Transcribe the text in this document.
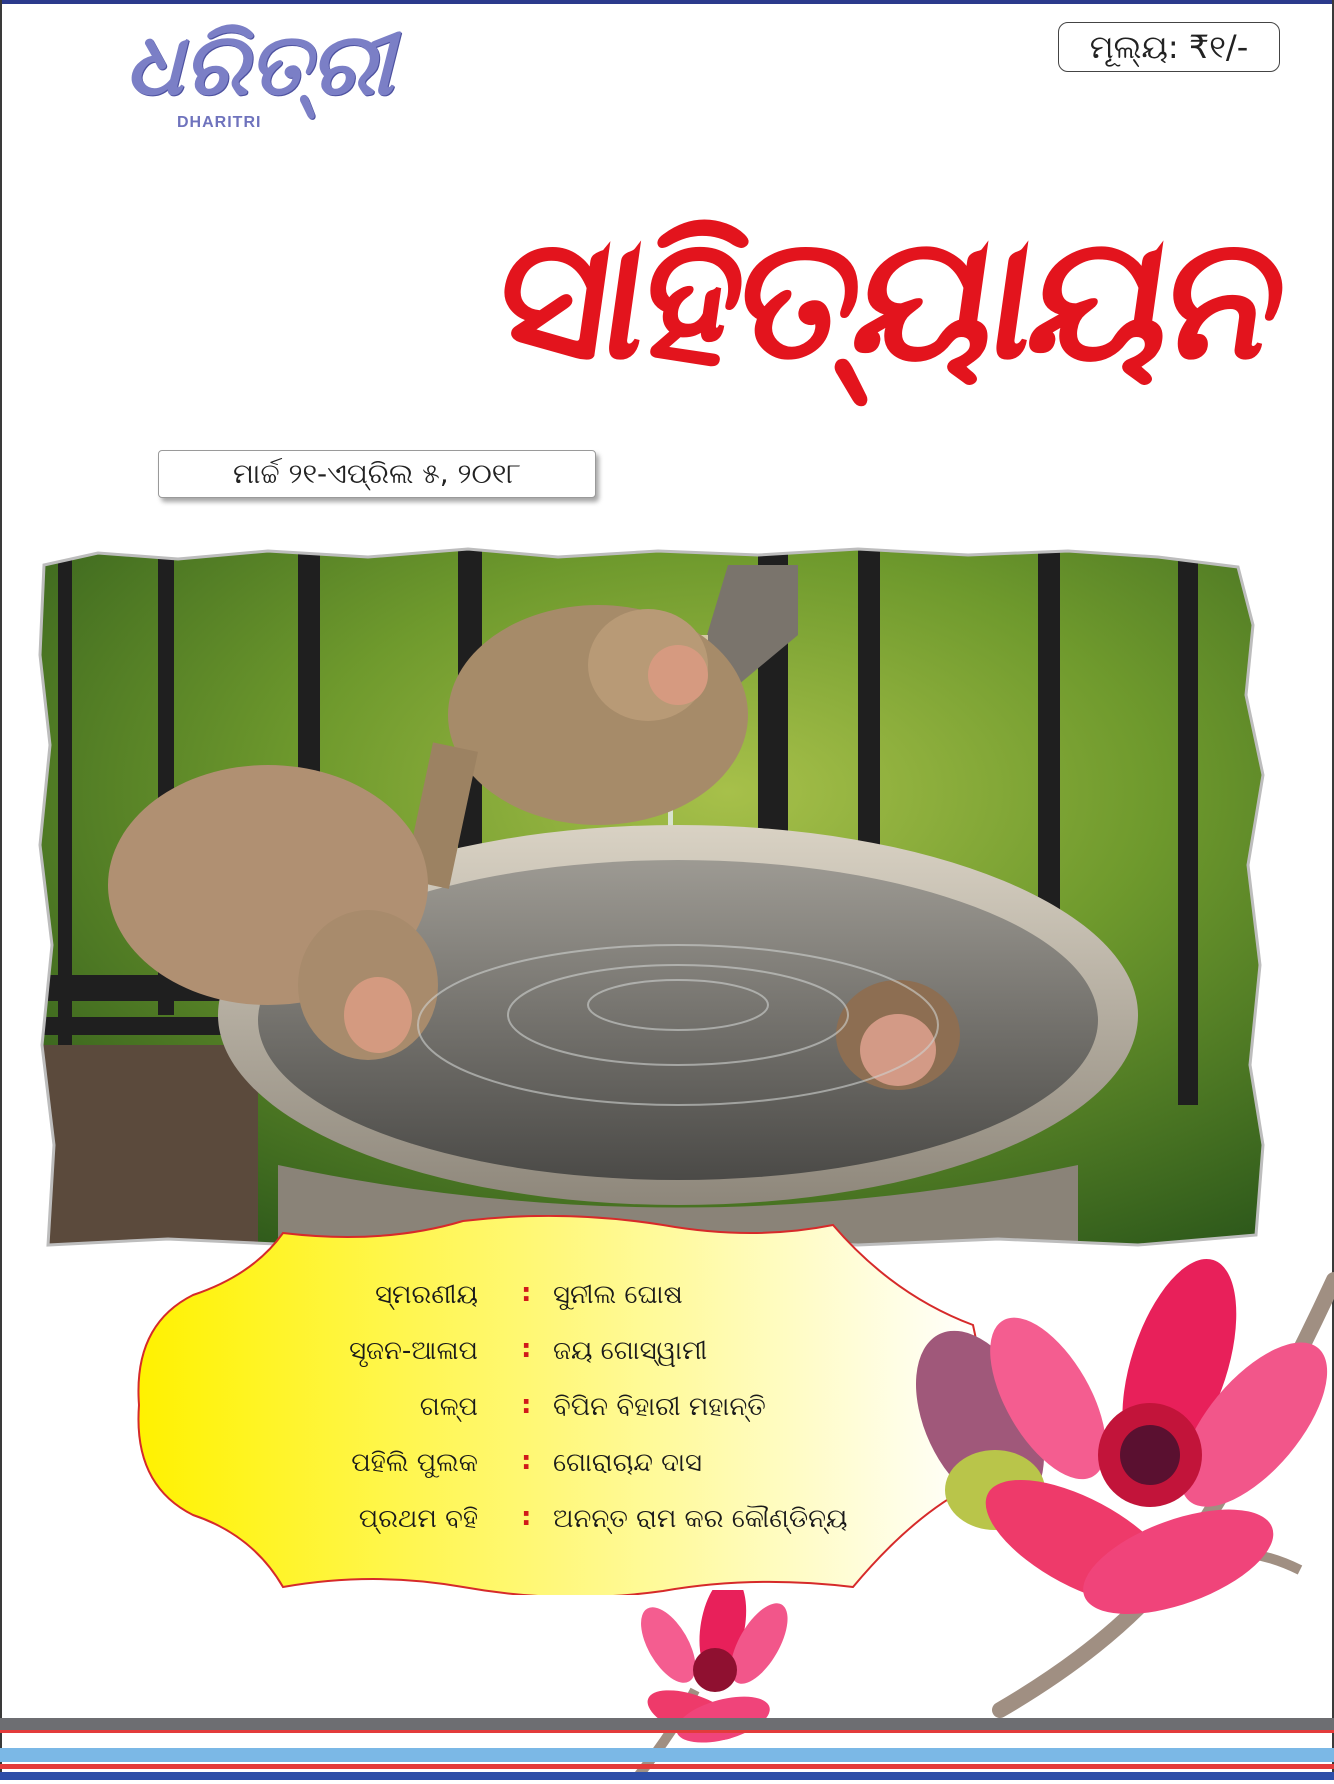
ଧରିତ୍ରୀ
DHARITRI
ମୂଲ୍ୟ: ₹୧/-
ସାହିତ୍ୟାୟନ
ମାର୍ଚ୍ଚ ୨୧-ଏପ୍ରିଲ ୫, ୨୦୧୮
ସ୍ମରଣୀୟ : ସୁନୀଲ ଘୋଷ
ସୃଜନ-ଆଳାପ : ଜୟ ଗୋସ୍ୱାମୀ
ଗଳ୍ପ : ବିପିନ ବିହାରୀ ମହାନ୍ତି
ପହିଲି ପୁଲକ : ଗୋରାଚାନ୍ଦ ଦାସ
ପ୍ରଥମ ବହି : ଅନନ୍ତ ରାମ କର କୌଣ୍ଡିନ୍ୟ
